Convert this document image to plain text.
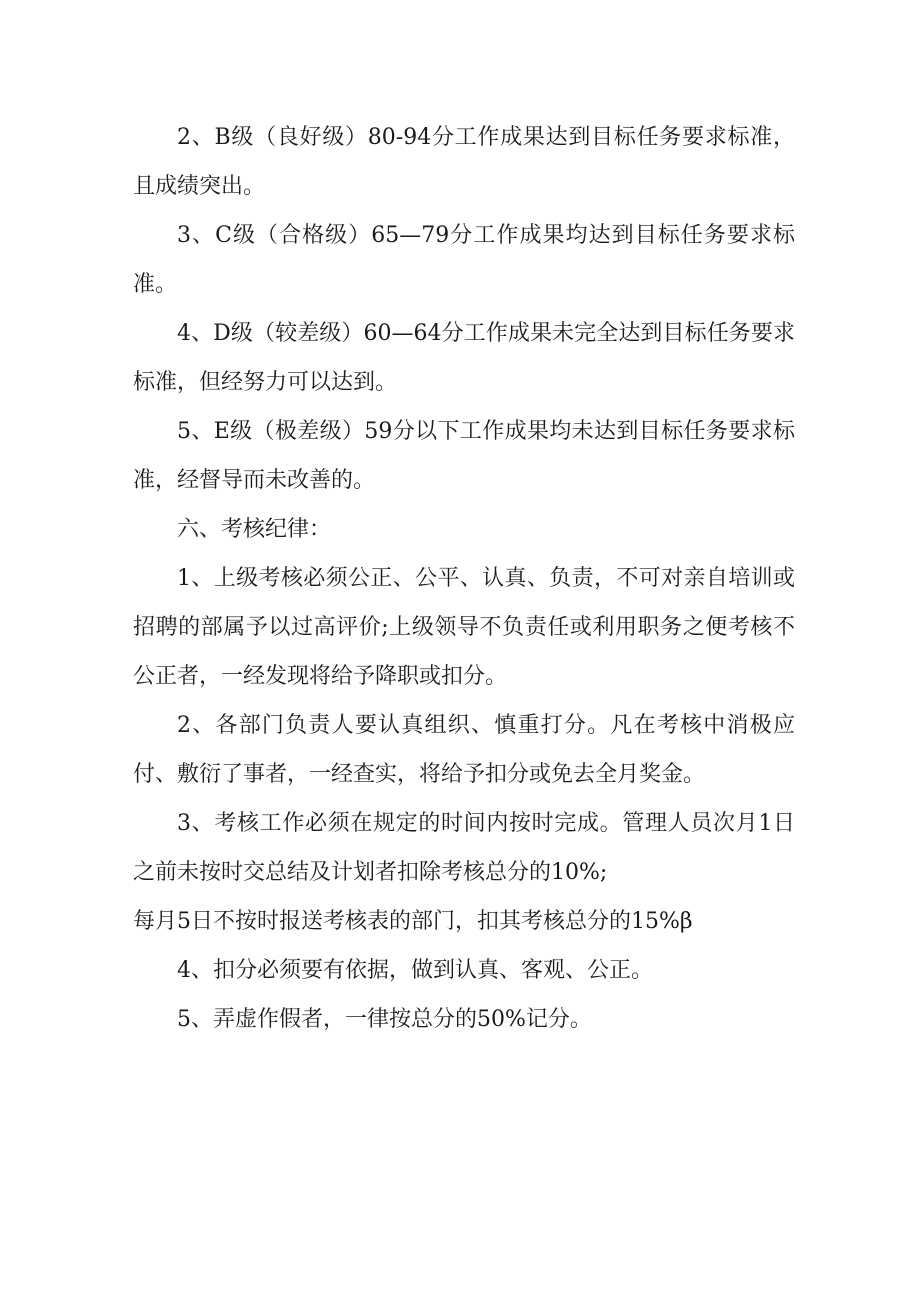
2、B级（良好级）80-94分工作成果达到目标任务要求标准，且成绩突出。

3、C级（合格级）65—79分工作成果均达到目标任务要求标准。

4、D级（较差级）60—64分工作成果未完全达到目标任务要求标准，但经努力可以达到。

5、E级（极差级）59分以下工作成果均未达到目标任务要求标准，经督导而未改善的。

六、考核纪律：

1、上级考核必须公正、公平、认真、负责，不可对亲自培训或招聘的部属予以过高评价;上级领导不负责任或利用职务之便考核不公正者，一经发现将给予降职或扣分。

2、各部门负责人要认真组织、慎重打分。凡在考核中消极应付、敷衍了事者，一经查实，将给予扣分或免去全月奖金。

3、考核工作必须在规定的时间内按时完成。管理人员次月1日之前未按时交总结及计划者扣除考核总分的10%;

每月5日不按时报送考核表的部门，扣其考核总分的15%β

4、扣分必须要有依据，做到认真、客观、公正。

5、弄虚作假者，一律按总分的50%记分。
